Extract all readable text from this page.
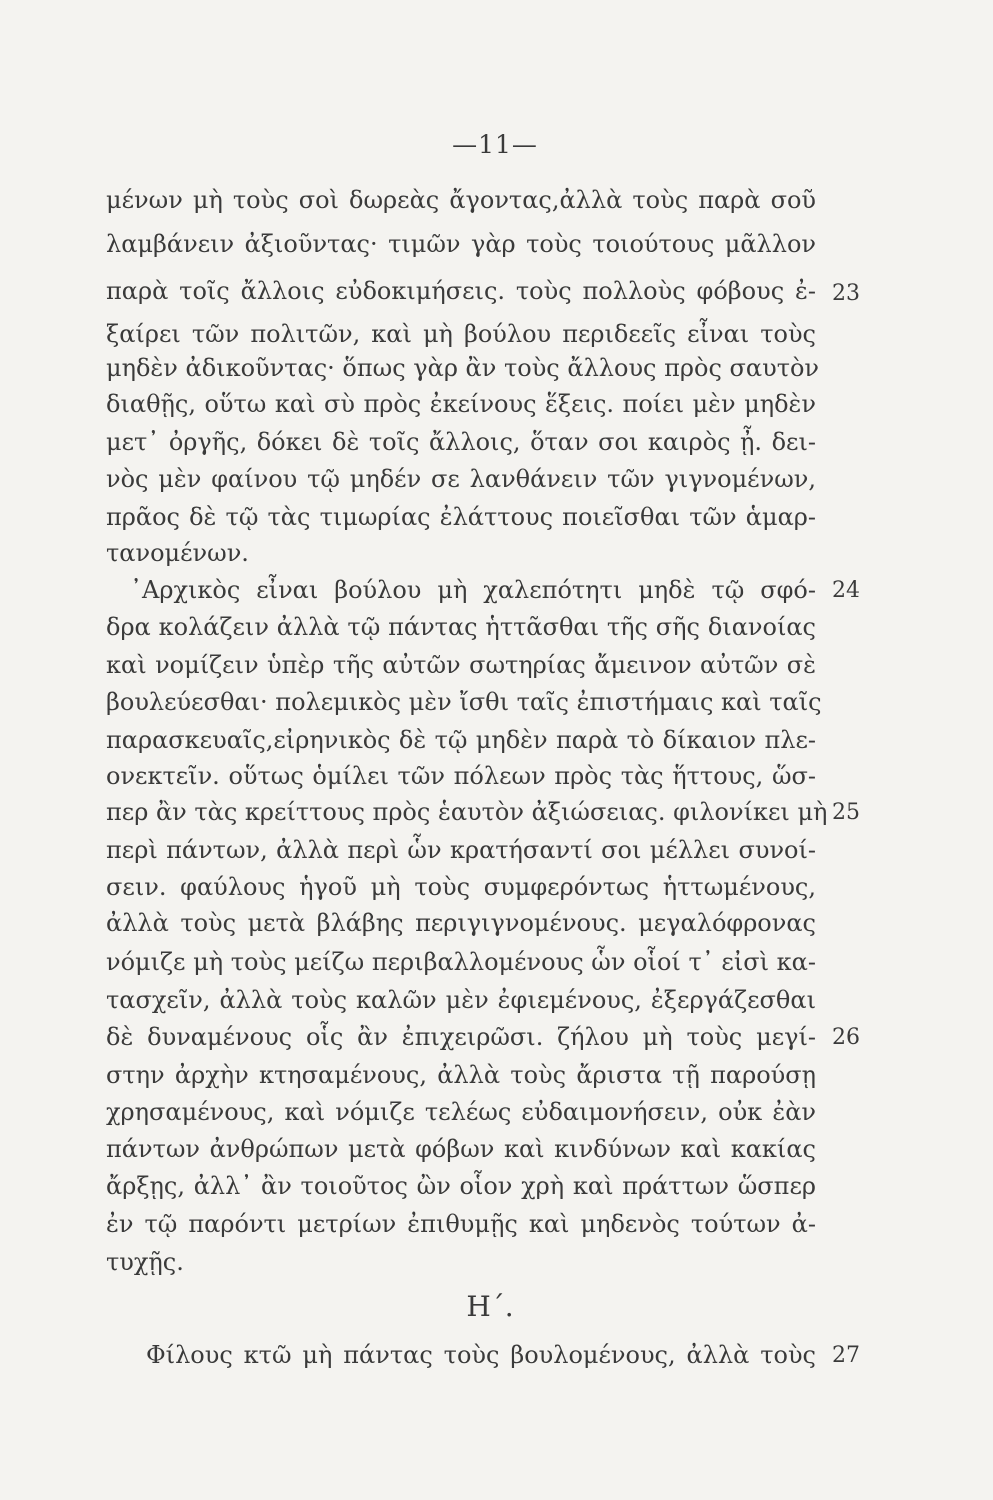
—11—
μένων μὴ τοὺς σοὶ δωρεὰς ἄγοντας,ἀλλὰ τοὺς παρὰ σοῦ
λαμβάνειν ἀξιοῦντας· τιμῶν γὰρ τοὺς τοιούτους μᾶλλον
παρὰ τοῖς ἄλλοις εὐδοκιμήσεις. τοὺς πολλοὺς φόβους ἐ-
ξαίρει τῶν πολιτῶν, καὶ μὴ βούλου περιδεεῖς εἶναι τοὺς
μηδὲν ἀδικοῦντας· ὅπως γὰρ ἂν τοὺς ἄλλους πρὸς σαυτὸν
διαθῇς, οὕτω καὶ σὺ πρὸς ἐκείνους ἕξεις. ποίει μὲν μηδὲν
μετ᾽ ὀργῆς, δόκει δὲ τοῖς ἄλλοις, ὅταν σοι καιρὸς ᾖ. δει-
νὸς μὲν φαίνου τῷ μηδέν σε λανθάνειν τῶν γιγνομένων,
πρᾶος δὲ τῷ τὰς τιμωρίας ἐλάττους ποιεῖσθαι τῶν ἁμαρ-
τανομένων.
᾿Αρχικὸς εἶναι βούλου μὴ χαλεπότητι μηδὲ τῷ σφό-
δρα κολάζειν ἀλλὰ τῷ πάντας ἡττᾶσθαι τῆς σῆς διανοίας
καὶ νομίζειν ὑπὲρ τῆς αὐτῶν σωτηρίας ἄμεινον αὐτῶν σὲ
βουλεύεσθαι· πολεμικὸς μὲν ἴσθι ταῖς ἐπιστήμαις καὶ ταῖς
παρασκευαῖς,εἰρηνικὸς δὲ τῷ μηδὲν παρὰ τὸ δίκαιον πλε-
ονεκτεῖν. οὕτως ὁμίλει τῶν πόλεων πρὸς τὰς ἥττους, ὥσ-
περ ἂν τὰς κρείττους πρὸς ἑαυτὸν ἀξιώσειας. φιλονίκει μὴ
περὶ πάντων, ἀλλὰ περὶ ὧν κρατήσαντί σοι μέλλει συνοί-
σειν. φαύλους ἡγοῦ μὴ τοὺς συμφερόντως ἡττωμένους,
ἀλλὰ τοὺς μετὰ βλάβης περιγιγνομένους. μεγαλόφρονας
νόμιζε μὴ τοὺς μείζω περιβαλλομένους ὧν οἷοί τ᾽ εἰσὶ κα-
τασχεῖν, ἀλλὰ τοὺς καλῶν μὲν ἐφιεμένους, ἐξεργάζεσθαι
δὲ δυναμένους οἷς ἂν ἐπιχειρῶσι. ζήλου μὴ τοὺς μεγί-
στην ἀρχὴν κτησαμένους, ἀλλὰ τοὺς ἄριστα τῇ παρούσῃ
χρησαμένους, καὶ νόμιζε τελέως εὐδαιμονήσειν, οὐκ ἐὰν
πάντων ἀνθρώπων μετὰ φόβων καὶ κινδύνων καὶ κακίας
ἄρξῃς, ἀλλ᾽ ἂν τοιοῦτος ὢν οἷον χρὴ καὶ πράττων ὥσπερ
ἐν τῷ παρόντι μετρίων ἐπιθυμῇς καὶ μηδενὸς τούτων ἀ-
τυχῇς.
Η΄.
Φίλους κτῶ μὴ πάντας τοὺς βουλομένους, ἀλλὰ τοὺς
23
24
25
26
27
